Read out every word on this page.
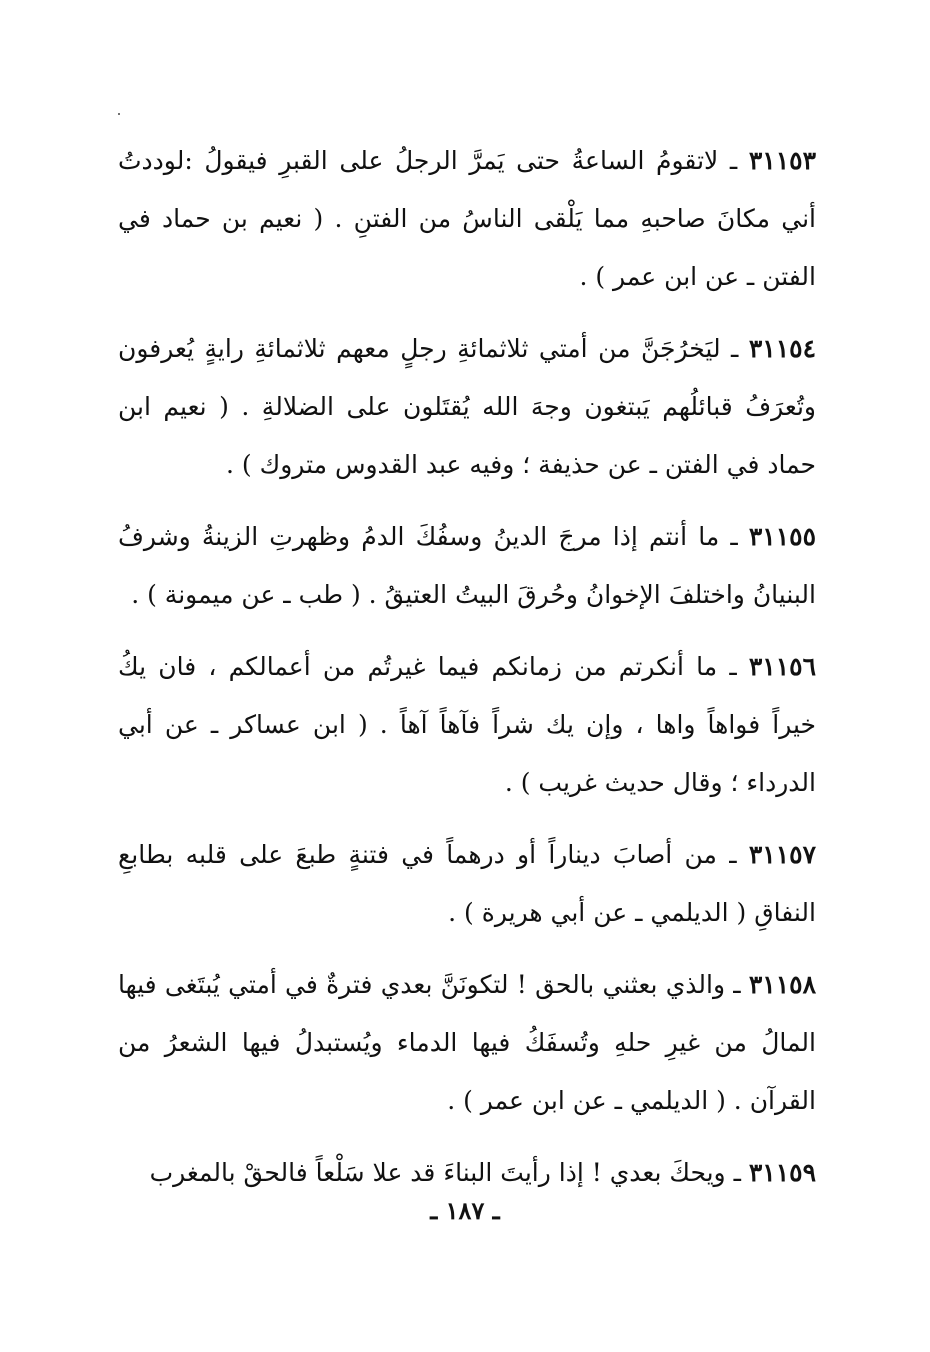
٣١١٥٣ ـ لاتقومُ الساعةُ حتى يَمرَّ الرجلُ على القبرِ فيقولُ :لوددتُ أني مكانَ صاحبهِ مما يَلْقى الناسُ من الفتنِ . ( نعيم بن حماد في الفتن ـ عن ابن عمر ) .

٣١١٥٤ ـ ليَخرُجَنَّ من أمتي ثلاثمائةِ رجلٍ معهم ثلاثمائةِ رايةٍ يُعرفون وتُعرَفُ قبائلُهم يَبتغون وجهَ الله يُقتَلون على الضلالةِ . ( نعيم ابن حماد في الفتن ـ عن حذيفة ؛ وفيه عبد القدوس متروك ) .

٣١١٥٥ ـ ما أنتم إذا مرجَ الدينُ وسفُكَ الدمُ وظهرتِ الزينةُ وشرفُ البنيانُ واختلفَ الإخوانُ وحُرقَ البيتُ العتيقُ . ( طب ـ عن ميمونة ) .

٣١١٥٦ ـ ما أنكرتم من زمانكم فيما غيرتُم من أعمالكم ، فان يكُ خيراً فواهاً واها ، وإن يك شراً فآهاً آهاً . ( ابن عساكر ـ عن أبي الدرداء ؛ وقال حديث غريب ) .

٣١١٥٧ ـ من أصابَ ديناراً أو درهماً في فتنةٍ طبعَ على قلبه بطابعِ النفاقِ ( الديلمي ـ عن أبي هريرة ) .

٣١١٥٨ ـ والذي بعثني بالحق ! لتكونَنَّ بعدي فترةٌ في أمتي يُبتَغى فيها المالُ من غيرِ حلهِ وتُسفَكُ فيها الدماء ويُستبدلُ فيها الشعرُ من القرآن . ( الديلمي ـ عن ابن عمر ) .

٣١١٥٩ ـ ويحكَ بعدي ! إذا رأيتَ البناءَ قد علا سَلْعاً فالحقْ بالمغرب

ـ ١٨٧ ـ
